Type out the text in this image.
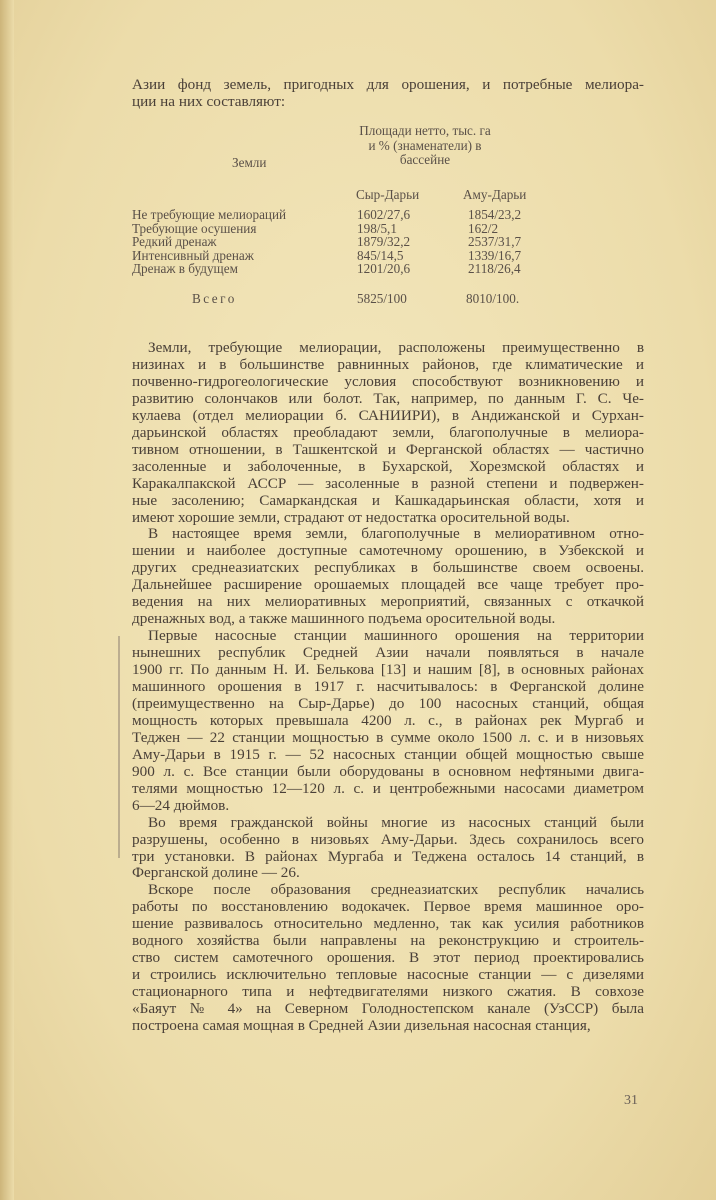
Азии фонд земель, пригодных для орошения, и потребные мелиора-
ции на них составляют:
Площади нетто, тыс. га
и % (знаменатели) в
бассейне
Земли
Сыр-Дарьи	Аму-Дарьи
Не требующие мелиораций	1602/27,6	1854/23,2
Требующие осушения	198/5,1	162/2
Редкий дренаж	1879/32,2	2537/31,7
Интенсивный дренаж	845/14,5	1339/16,7
Дренаж в будущем	1201/20,6	2118/26,4
Всего	5825/100	8010/100.
Земли, требующие мелиорации, расположены преимущественно в
низинах и в большинстве равнинных районов, где климатические и
почвенно-гидрогеологические условия способствуют возникновению и
развитию солончаков или болот. Так, например, по данным Г. С. Че-
кулаева (отдел мелиорации б. САНИИРИ), в Андижанской и Сурхан-
дарьинской областях преобладают земли, благополучные в мелиора-
тивном отношении, в Ташкентской и Ферганской областях — частично
засоленные и заболоченные, в Бухарской, Хорезмской областях и
Каракалпакской АССР — засоленные в разной степени и подвержен-
ные засолению; Самаркандская и Кашкадарьинская области, хотя и
имеют хорошие земли, страдают от недостатка оросительной воды.
В настоящее время земли, благополучные в мелиоративном отно-
шении и наиболее доступные самотечному орошению, в Узбекской и
других среднеазиатских республиках в большинстве своем освоены.
Дальнейшее расширение орошаемых площадей все чаще требует про-
ведения на них мелиоративных мероприятий, связанных с откачкой
дренажных вод, а также машинного подъема оросительной воды.
Первые насосные станции машинного орошения на территории
нынешних республик Средней Азии начали появляться в начале
1900 гг. По данным Н. И. Белькова [13] и нашим [8], в основных районах
машинного орошения в 1917 г. насчитывалось: в Ферганской долине
(преимущественно на Сыр-Дарье) до 100 насосных станций, общая
мощность которых превышала 4200 л. с., в районах рек Мургаб и
Теджен — 22 станции мощностью в сумме около 1500 л. с. и в низовьях
Аму-Дарьи в 1915 г. — 52 насосных станции общей мощностью свыше
900 л. с. Все станции были оборудованы в основном нефтяными двига-
телями мощностью 12—120 л. с. и центробежными насосами диаметром
6—24 дюймов.
Во время гражданской войны многие из насосных станций были
разрушены, особенно в низовьях Аму-Дарьи. Здесь сохранилось всего
три установки. В районах Мургаба и Теджена осталось 14 станций, в
Ферганской долине — 26.
Вскоре после образования среднеазиатских республик начались
работы по восстановлению водокачек. Первое время машинное оро-
шение развивалось относительно медленно, так как усилия работников
водного хозяйства были направлены на реконструкцию и строитель-
ство систем самотечного орошения. В этот период проектировались
и строились исключительно тепловые насосные станции — с дизелями
стационарного типа и нефтедвигателями низкого сжатия. В совхозе
«Баяут № 4» на Северном Голодностепском канале (УзССР) была
построена самая мощная в Средней Азии дизельная насосная станция,
31
